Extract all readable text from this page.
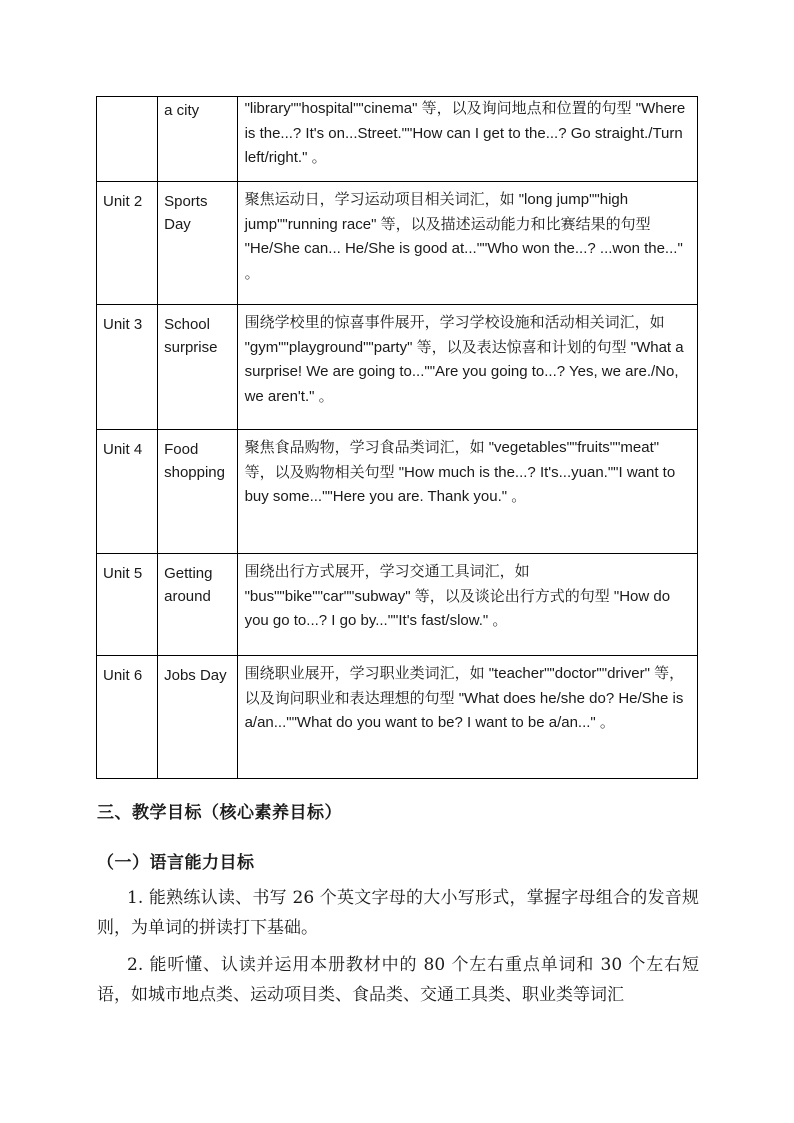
	a city	"library""hospital""cinema" 等，以及询问地点和位置的句型 "Where is the...? It's on...Street.""How can I get to the...? Go straight./Turn left/right." 。
Unit 2	Sports Day	聚焦运动日，学习运动项目相关词汇，如 "long jump""high jump""running race" 等，以及描述运动能力和比赛结果的句型 "He/She can... He/She is good at...""Who won the...? ...won the..." 。
Unit 3	School surprise	围绕学校里的惊喜事件展开，学习学校设施和活动相关词汇，如 "gym""playground""party" 等，以及表达惊喜和计划的句型 "What a surprise! We are going to...""Are you going to...? Yes, we are./No, we aren't." 。
Unit 4	Food shopping	聚焦食品购物，学习食品类词汇，如 "vegetables""fruits""meat" 等，以及购物相关句型 "How much is the...? It's...yuan.""I want to buy some...""Here you are. Thank you." 。
Unit 5	Getting around	围绕出行方式展开，学习交通工具词汇，如 "bus""bike""car""subway" 等，以及谈论出行方式的句型 "How do you go to...? I go by...""It's fast/slow." 。
Unit 6	Jobs Day	围绕职业展开，学习职业类词汇，如 "teacher""doctor""driver" 等，以及询问职业和表达理想的句型 "What does he/she do? He/She is a/an...""What do you want to be? I want to be a/an..." 。
三、教学目标（核心素养目标）
（一）语言能力目标

1. 能熟练认读、书写 26 个英文字母的大小写形式，掌握字母组合的发音规则，为单词的拼读打下基础。

2. 能听懂、认读并运用本册教材中的 80 个左右重点单词和 30 个左右短语，如城市地点类、运动项目类、食品类、交通工具类、职业类等词汇
